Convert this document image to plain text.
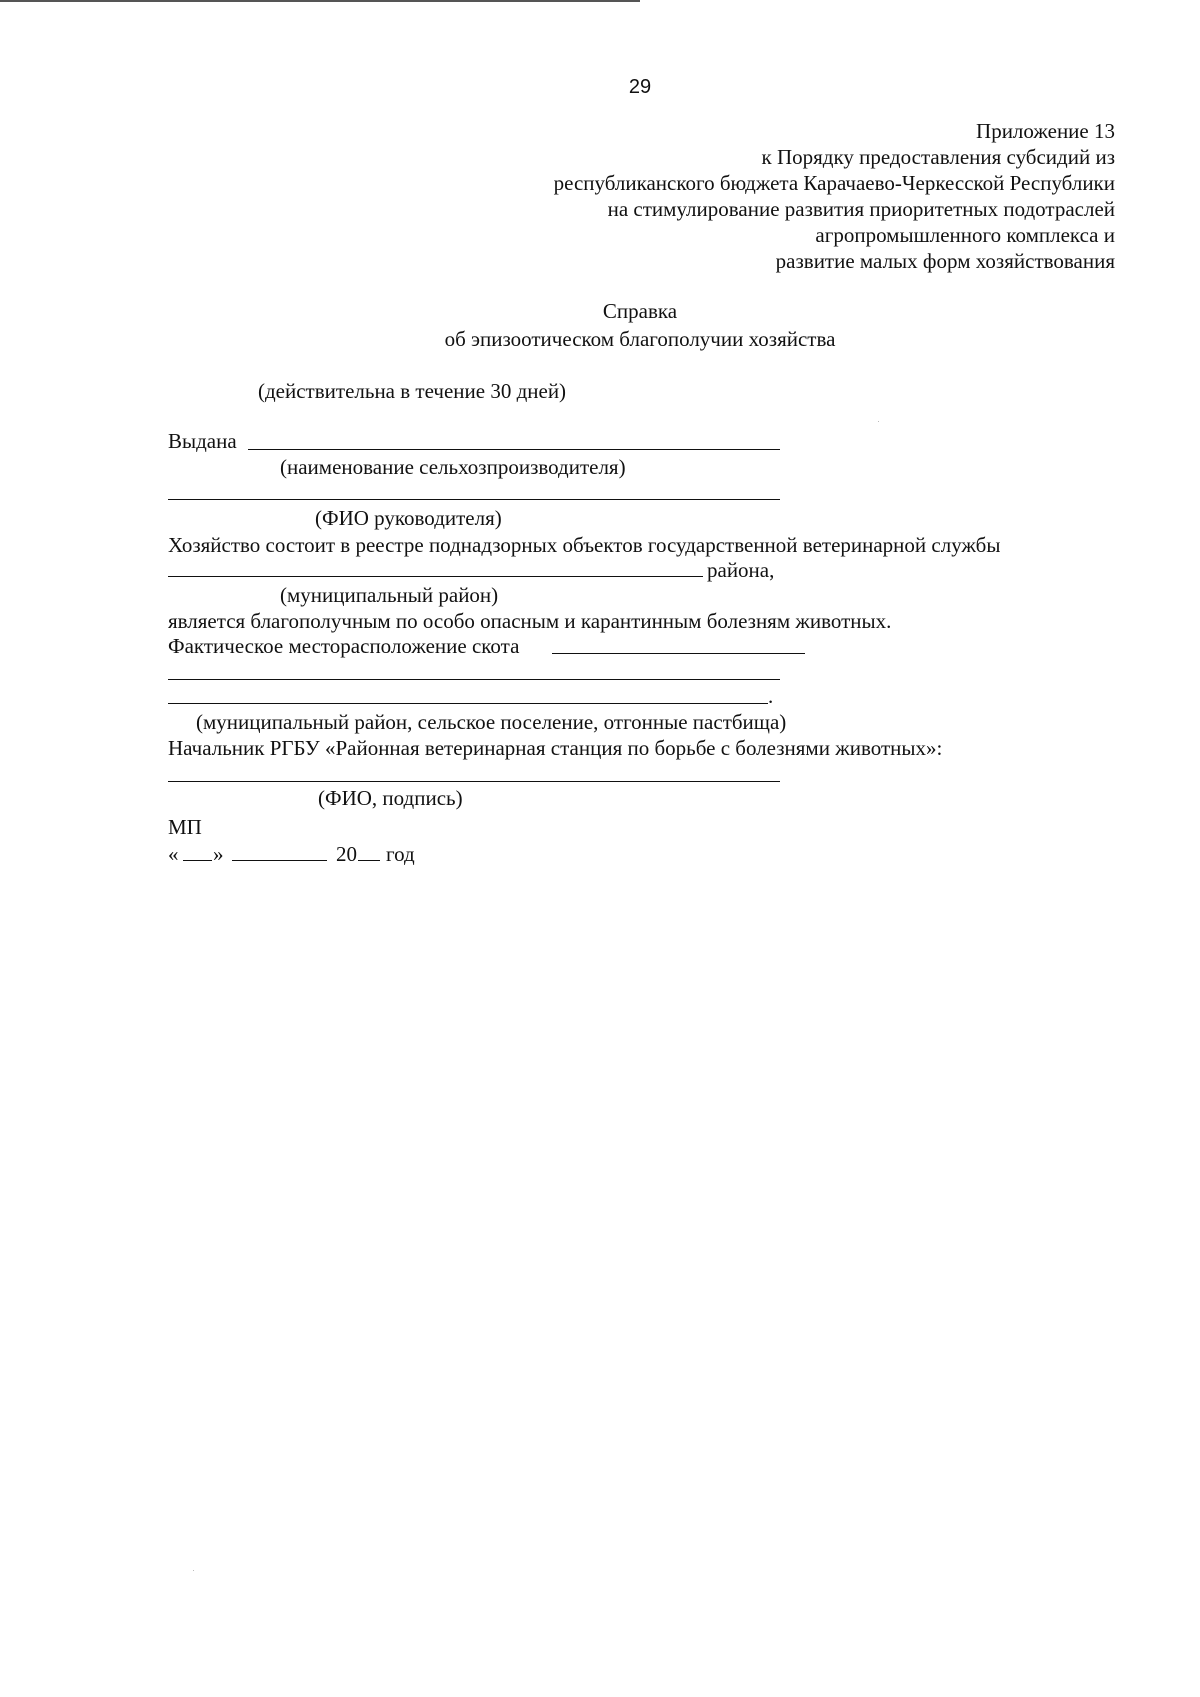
29
Приложение 13
к Порядку предоставления субсидий из
республиканского бюджета Карачаево-Черкесской Республики
на стимулирование развития приоритетных подотраслей
агропромышленного комплекса и
развитие малых форм хозяйствования
Справка
об эпизоотическом благополучии хозяйства
(действительна в течение 30 дней)
Выдана
(наименование сельхозпроизводителя)
(ФИО руководителя)
Хозяйство состоит в реестре поднадзорных объектов государственной ветеринарной службы
района,
(муниципальный район)
является благополучным по особо опасным и карантинным болезням животных.
Фактическое месторасположение скота
.
(муниципальный район, сельское поселение, отгонные пастбища)
Начальник РГБУ «Районная ветеринарная станция по борьбе с болезнями животных»:
(ФИО, подпись)
МП
« »	20 год
